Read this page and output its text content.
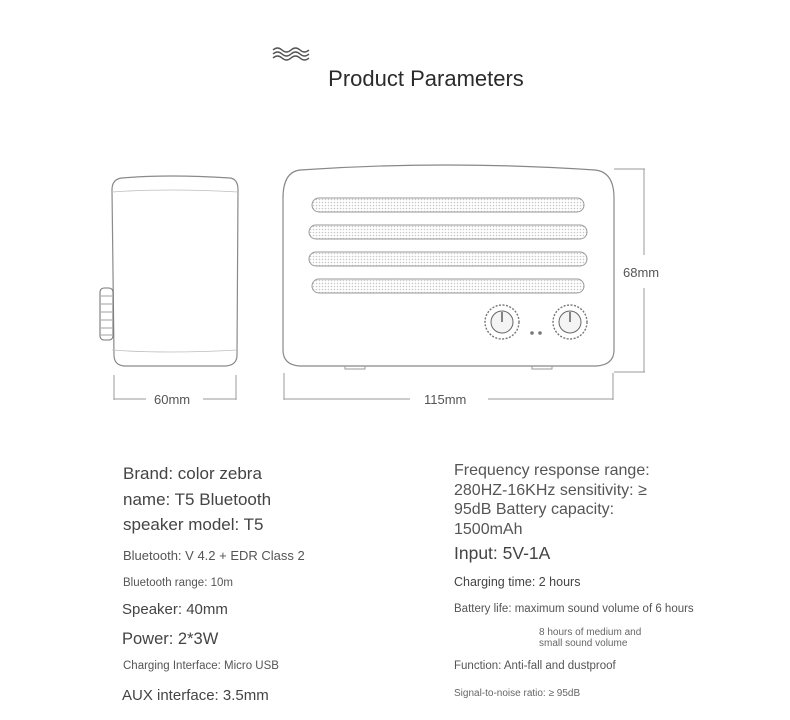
Product Parameters
60mm	115mm
68mm
Brand: color zebra
name: T5 Bluetooth
speaker model: T5
Bluetooth: V 4.2 + EDR Class 2
Bluetooth range: 10m
Speaker: 40mm
Power: 2*3W
Charging Interface: Micro USB
AUX interface: 3.5mm
Frequency response range:
280HZ-16KHz sensitivity: ≥
95dB Battery capacity:
1500mAh
Input: 5V-1A
Charging time: 2 hours
Battery life: maximum sound volume of 6 hours
8 hours of medium and
small sound volume
Function: Anti-fall and dustproof
Signal-to-noise ratio: ≥ 95dB
